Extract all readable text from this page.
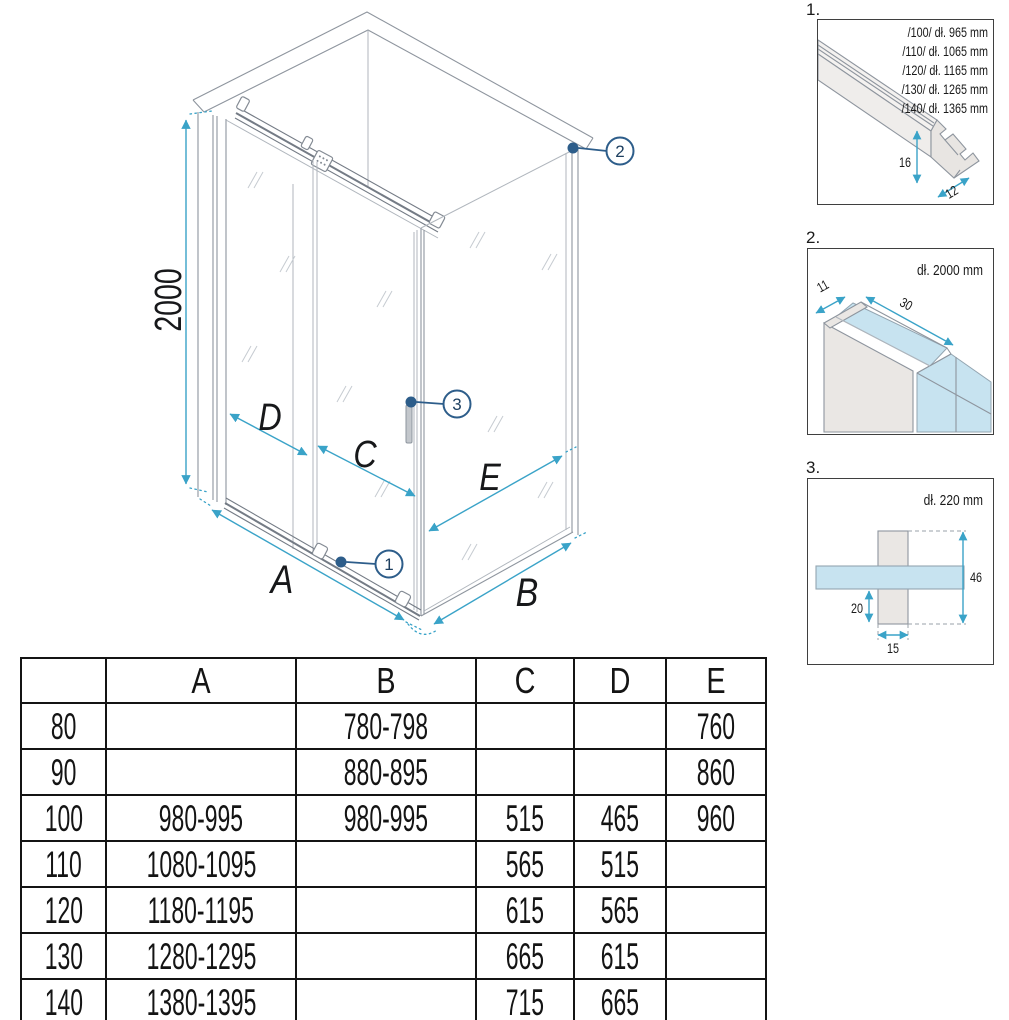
2000
D
C
E
A	B
1
2
3
1.
/100/ dł. 965 mm
/110/ dł. 1065 mm
/120/ dł. 1165 mm
/130/ dł. 1265 mm
/140/ dł. 1365 mm
16
12
2.
11
30
dł. 2000 mm
3.
46
20
15
dł. 220 mm
	A	B	C	D	E
80		780-798			760
90		880-895			860
100	980-995	980-995	515	465	960
110	1080-1095		565	515	
120	1180-1195		615	565	
130	1280-1295		665	615	
140	1380-1395		715	665	
